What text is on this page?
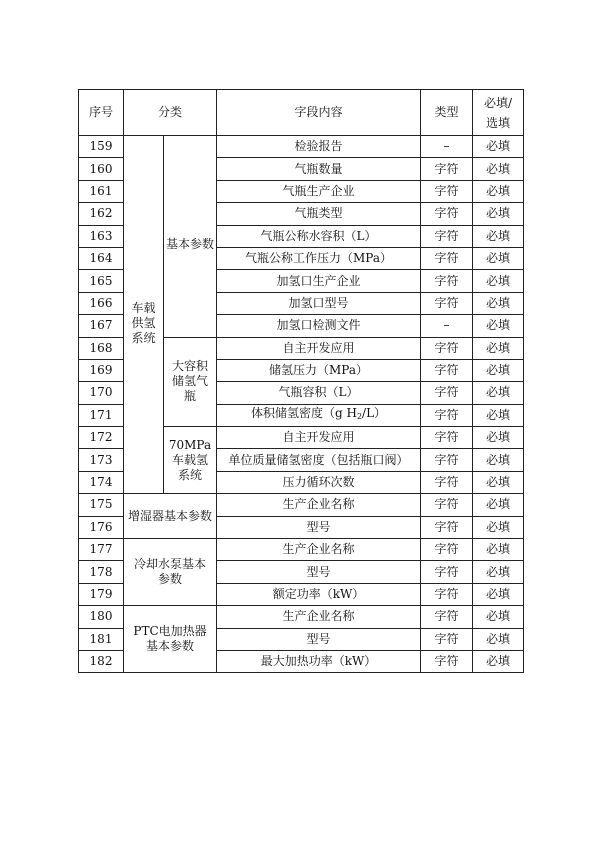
序号	分类		字段内容	类型	必填/
选填
159	车载供氢系统	基本参数	检验报告	–	必填
160			气瓶数量	字符	必填
161			气瓶生产企业	字符	必填
162			气瓶类型	字符	必填
163			气瓶公称水容积（L）	字符	必填
164			气瓶公称工作压力（MPa）	字符	必填
165			加氢口生产企业	字符	必填
166			加氢口型号	字符	必填
167			加氢口检测文件	–	必填
168		大容积储氢气瓶	自主开发应用	字符	必填
169			储氢压力（MPa）	字符	必填
170			气瓶容积（L）	字符	必填
171			体积储氢密度（g $H_2/L$）	字符	必填
172		70MPa车载氢系统	自主开发应用	字符	必填
173			单位质量储氢密度（包括瓶口阀）	字符	必填
174			压力循环次数	字符	必填
175	增湿器基本参数		生产企业名称	字符	必填
176			型号	字符	必填
177	冷却水泵基本参数		生产企业名称	字符	必填
178			型号	字符	必填
179			额定功率（kW）	字符	必填
180	PTC电加热器基本参数		生产企业名称	字符	必填
181			型号	字符	必填
182			最大加热功率（kW）	字符	必填
